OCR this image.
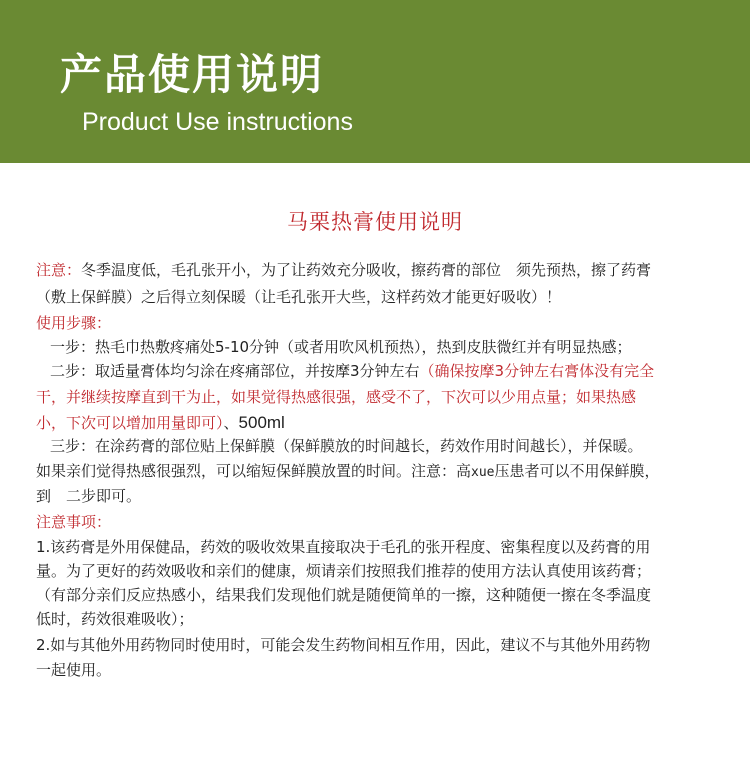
产品使用说明
Product Use instructions
马栗热膏使用说明
注意：冬季温度低，毛孔张开小，为了让药效充分吸收，擦药膏的部位　须先预热，擦了药膏
（敷上保鲜膜）之后得立刻保暖（让毛孔张开大些，这样药效才能更好吸收）！
使用步骤：
一步：热毛巾热敷疼痛处5-10分钟（或者用吹风机预热），热到皮肤微红并有明显热感；
二步：取适量膏体均匀涂在疼痛部位，并按摩3分钟左右（确保按摩3分钟左右膏体没有完全
干，并继续按摩直到干为止，如果觉得热感很强，感受不了，下次可以少用点量；如果热感
小，下次可以增加用量即可）、500ml
三步：在涂药膏的部位贴上保鲜膜（保鲜膜放的时间越长，药效作用时间越长），并保暖。
如果亲们觉得热感很强烈，可以缩短保鲜膜放置的时间。注意：高xue压患者可以不用保鲜膜，
到　二步即可。
注意事项：
1.该药膏是外用保健品，药效的吸收效果直接取决于毛孔的张开程度、密集程度以及药膏的用
量。为了更好的药效吸收和亲们的健康，烦请亲们按照我们推荐的使用方法认真使用该药膏；
（有部分亲们反应热感小，结果我们发现他们就是随便简单的一擦，这种随便一擦在冬季温度
低时，药效很难吸收）；
2.如与其他外用药物同时使用时，可能会发生药物间相互作用，因此，建议不与其他外用药物
一起使用。
